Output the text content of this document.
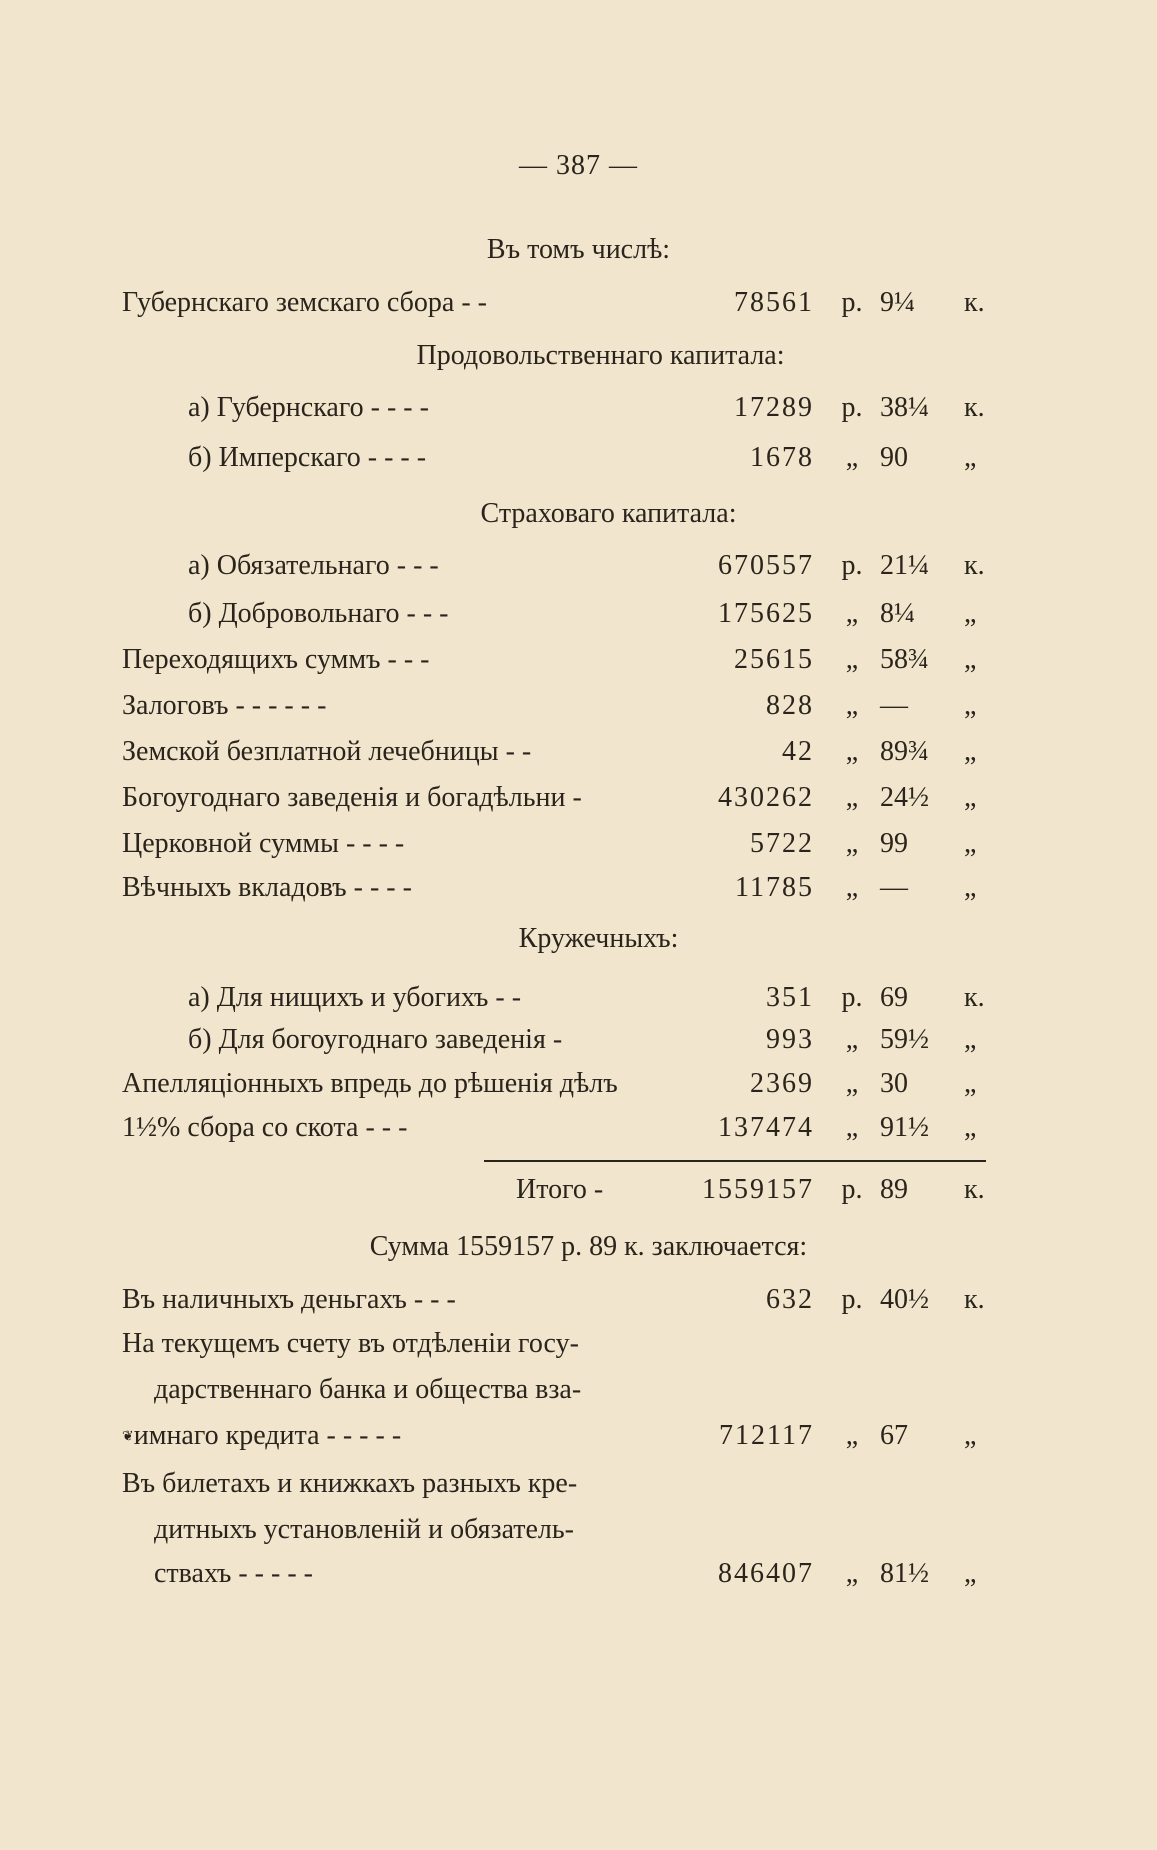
— 387 —
Въ томъ числѣ:
Продовольственнаго капитала:
Страховаго капитала:
Кружечныхъ:
Сумма 1559157 р. 89 к. заключается:
Губернскаго земскаго сбора - -	78561 р. 9¼	к.
а) Губернскаго - - - -	17289 р. 38¼	к.
б) Имперскаго - - - -	1678	„ 90	„
а) Обязательнаго - - -	670557 р. 21¼	к.
б) Добровольнаго - - -	175625	„ 8¼	„
Переходящихъ суммъ - - -	25615	„ 58¾	„
Залоговъ - - - - - -	828	„ —	„
Земской безплатной лечебницы - -	42	„ 89¾	„
Богоугоднаго заведенія и богадѣльни -	430262	„ 24½	„
Церковной суммы - - - -	5722	„ 99	„
Вѣчныхъ вкладовъ - - - -	11785	„ —	„
а) Для нищихъ и убогихъ - -	351 р. 69	к.
б) Для богоугоднаго заведенія -	993	„ 59½	„
Апелляціонныхъ впредь до рѣшенія дѣлъ	2369	„ 30	„
1½% сбора со скота - - -	137474	„ 91½	„
Итого -	1559157 р. 89	к.
Въ наличныхъ деньгахъ - - -	632 р. 40½	к.
На текущемъ счету въ отдѣленіи госу-
дарственнаго банка и общества вза-
❦имнаго кредита - - - - -	712117	„ 67	„
Въ билетахъ и книжкахъ разныхъ кре-
дитныхъ установленій и обязатель-
ствахъ - - - - -	846407	„ 81½	„
